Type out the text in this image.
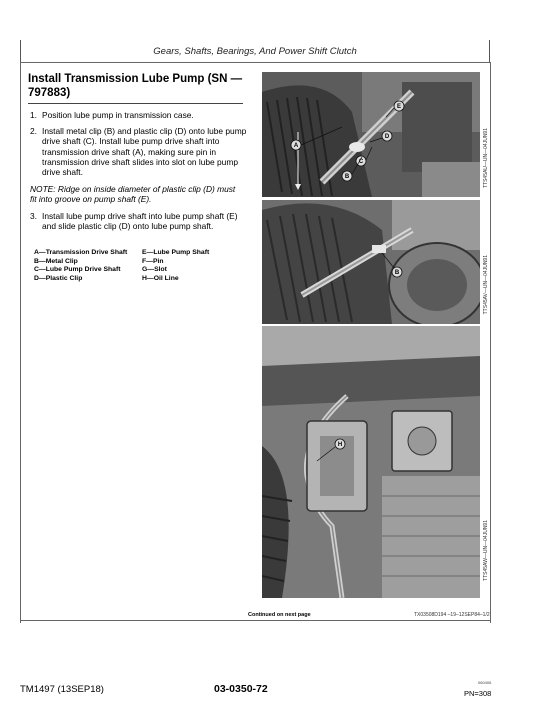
Gears, Shafts, Bearings, And Power Shift Clutch
Install Transmission Lube Pump (SN —797883)
1. Position lube pump in transmission case.
2. Install metal clip (B) and plastic clip (D) onto lube pump drive shaft (C). Install lube pump drive shaft into transmission drive shaft (A), making sure pin in transmission drive shaft slides into slot on lube pump drive shaft.
NOTE: Ridge on inside diameter of plastic clip (D) must fit into groove on pump shaft (E).
3. Install lube pump drive shaft into lube pump shaft (E) and slide plastic clip (D) onto lube pump shaft.
A—Transmission Drive Shaft	E—Lube Pump Shaft
B—Metal Clip	F—Pin
C—Lube Pump Drive Shaft	G—Slot
D—Plastic Clip	H—Oil Line
A
B
C
D
E
TTS45AU—UN—04JUN91
B	TTS45AV—UN—04JUN91
H
TTS45AW—UN—04JUN91
Continued on next page	TX03508D194 –19–12SEP84–1/2
TM1497 (13SEP18)	03-0350-72
060406
PN=308
